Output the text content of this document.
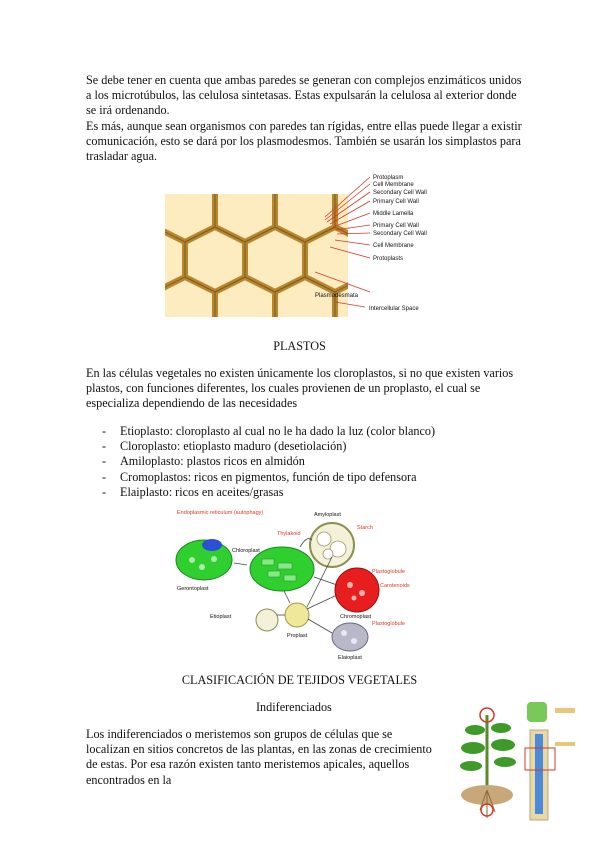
Se debe tener en cuenta que ambas paredes se generan con complejos enzimáticos unidos a los microtúbulos, las celulosa sintetasas. Estas expulsarán la celulosa al exterior donde se irá ordenando.
Es más, aunque sean organismos con paredes tan rígidas, entre ellas puede llegar a existir comunicación, esto se dará por los plasmodesmos. También se usarán los simplastos para trasladar agua.
Protoplasm
Cell Membrane
Secondary Cell Wall
Primary Cell Wall
Middle Lamella
Primary Cell Wall
Secondary Cell Wall
Cell Membrane
Protoplasts
Plasmodesmata
Intercellular Space
PLASTOS
En las células vegetales no existen únicamente los cloroplastos, si no que existen varios plastos, con funciones diferentes, los cuales provienen de un proplasto, el cual se especializa dependiendo de las necesidades
- Etioplasto: cloroplasto al cual no le ha dado la luz (color blanco)
- Cloroplasto: etioplasto maduro (desetiolación)
- Amiloplasto: plastos ricos en almidón
- Cromoplastos: ricos en pigmentos, función de tipo defensora
- Elaiplasto: ricos en aceites/grasas
Endoplasmic reticulum (autophagy)
Gerontoplast
Chloroplast
Thylakoid
Amyloplast
Starch
Plastoglobule
Carotenoids
Chromoplast
Etioplast
Proplast
Plastoglobule
Elaioplast
CLASIFICACIÓN DE TEJIDOS VEGETALES
Indiferenciados
Los indiferenciados o meristemos son grupos de células que se localizan en sitios concretos de las plantas, en las zonas de crecimiento de estas. Por esa razón existen tanto meristemos apicales, aquellos encontrados en la
